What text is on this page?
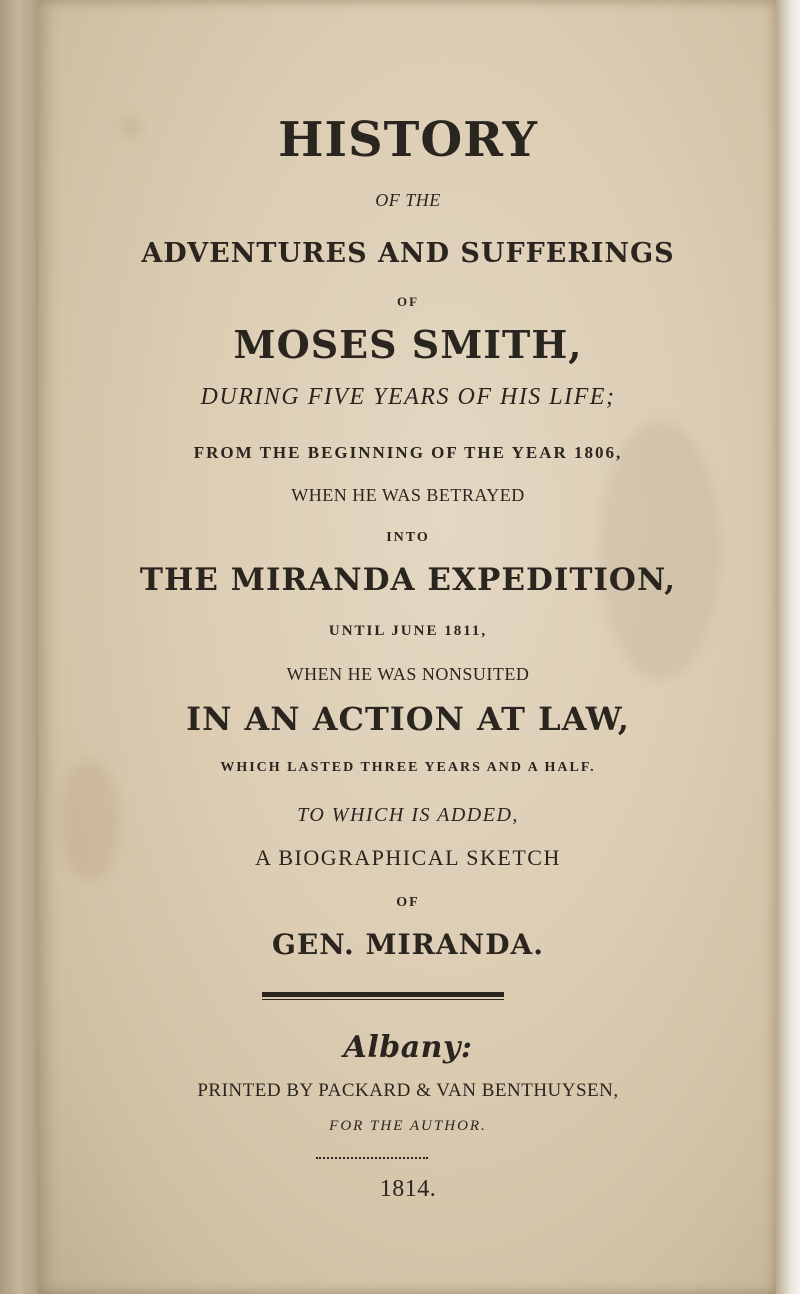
HISTORY
OF THE
ADVENTURES AND SUFFERINGS
OF
MOSES SMITH,
DURING FIVE YEARS OF HIS LIFE;
FROM THE BEGINNING OF THE YEAR 1806,
WHEN HE WAS BETRAYED
INTO
THE MIRANDA EXPEDITION,
UNTIL JUNE 1811,
WHEN HE WAS NONSUITED
IN AN ACTION AT LAW,
WHICH LASTED THREE YEARS AND A HALF.
TO WHICH IS ADDED,
A BIOGRAPHICAL SKETCH
OF
GEN. MIRANDA.
Albany:
PRINTED BY PACKARD & VAN BENTHUYSEN,
FOR THE AUTHOR.
1814.
